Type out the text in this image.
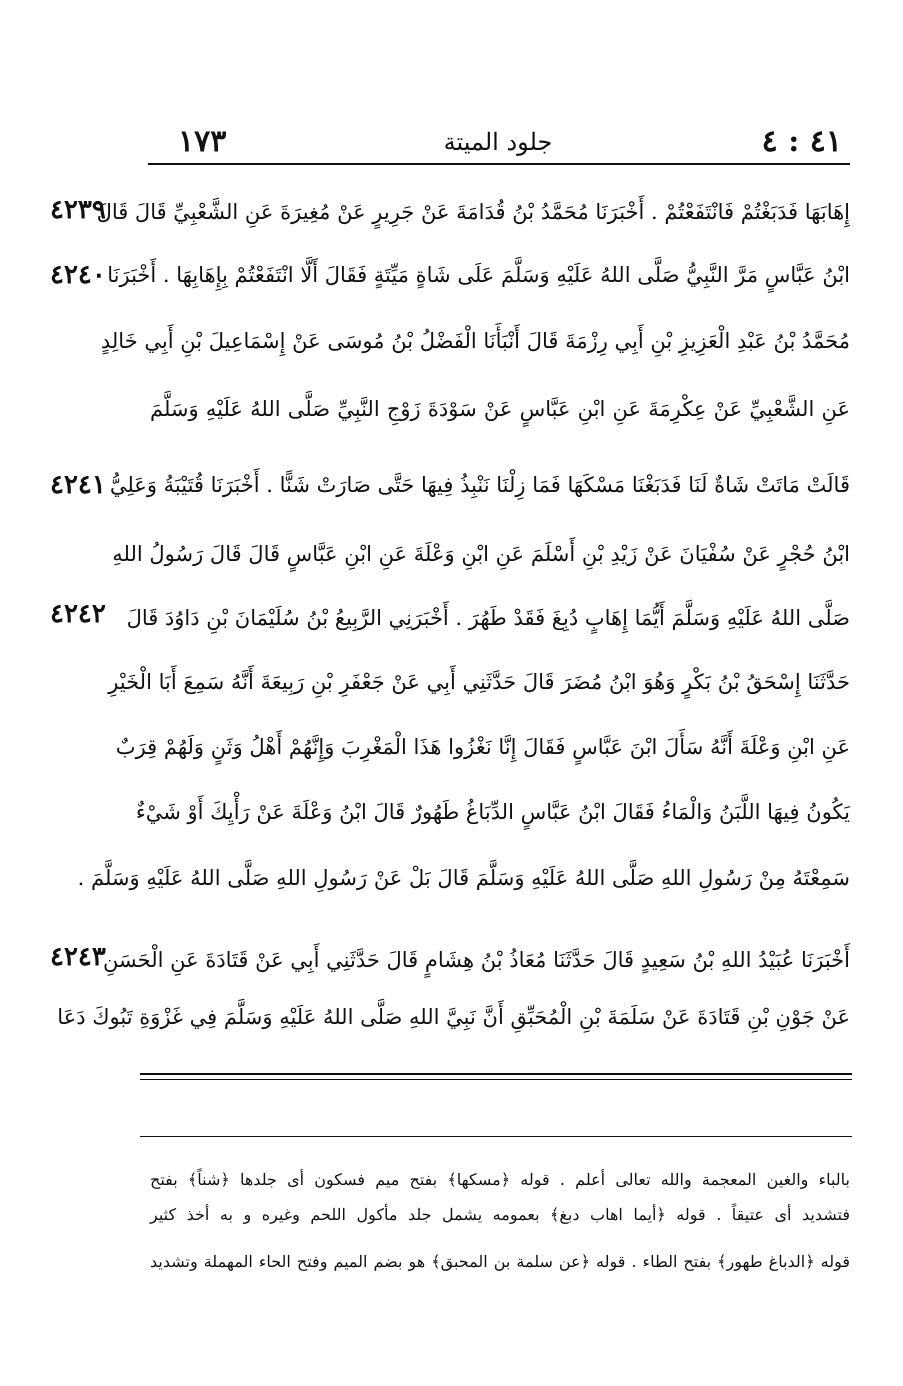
١٧٣	جلود الميتة	٤١ : ٤
إِهَابَهَا فَدَبَغْتُمْ فَانْتَفَعْتُمْ . أَخْبَرَنَا مُحَمَّدُ بْنُ قُدَامَةَ عَنْ جَرِيرٍ عَنْ مُغِيرَةَ عَنِ الشَّعْبِيِّ قَالَ قَالَ
ابْنُ عَبَّاسٍ مَرَّ النَّبِيُّ صَلَّى اللهُ عَلَيْهِ وَسَلَّمَ عَلَى شَاةٍ مَيِّتَةٍ فَقَالَ أَلَّا انْتَفَعْتُمْ بِإِهَابِهَا . أَخْبَرَنَا
مُحَمَّدُ بْنُ عَبْدِ الْعَزِيزِ بْنِ أَبِي رِزْمَةَ قَالَ أَنْبَأَنَا الْفَضْلُ بْنُ مُوسَى عَنْ إِسْمَاعِيلَ بْنِ أَبِي خَالِدٍ
عَنِ الشَّعْبِيِّ عَنْ عِكْرِمَةَ عَنِ ابْنِ عَبَّاسٍ عَنْ سَوْدَةَ زَوْجِ النَّبِيِّ صَلَّى اللهُ عَلَيْهِ وَسَلَّمَ
قَالَتْ مَاتَتْ شَاةٌ لَنَا فَدَبَغْنَا مَسْكَهَا فَمَا زِلْنَا نَنْبِذُ فِيهَا حَتَّى صَارَتْ شَنًّا . أَخْبَرَنَا قُتَيْبَةُ وَعَلِيُّ
ابْنُ حُجْرٍ عَنْ سُفْيَانَ عَنْ زَيْدِ بْنِ أَسْلَمَ عَنِ ابْنِ وَعْلَةَ عَنِ ابْنِ عَبَّاسٍ قَالَ قَالَ رَسُولُ اللهِ
صَلَّى اللهُ عَلَيْهِ وَسَلَّمَ أَيُّمَا إِهَابٍ دُبِغَ فَقَدْ طَهُرَ . أَخْبَرَنِي الرَّبِيعُ بْنُ سُلَيْمَانَ بْنِ دَاوُدَ قَالَ
حَدَّثَنَا إِسْحَقُ بْنُ بَكْرٍ وَهُوَ ابْنُ مُضَرَ قَالَ حَدَّثَنِي أَبِي عَنْ جَعْفَرِ بْنِ رَبِيعَةَ أَنَّهُ سَمِعَ أَبَا الْخَيْرِ
عَنِ ابْنِ وَعْلَةَ أَنَّهُ سَأَلَ ابْنَ عَبَّاسٍ فَقَالَ إِنَّا نَغْزُوا هَذَا الْمَغْرِبَ وَإِنَّهُمْ أَهْلُ وَثَنٍ وَلَهُمْ قِرَبٌ
يَكُونُ فِيهَا اللَّبَنُ وَالْمَاءُ فَقَالَ ابْنُ عَبَّاسٍ الدِّبَاغُ طَهُورٌ قَالَ ابْنُ وَعْلَةَ عَنْ رَأْيِكَ أَوْ شَيْءٌ
سَمِعْتَهُ مِنْ رَسُولِ اللهِ صَلَّى اللهُ عَلَيْهِ وَسَلَّمَ قَالَ بَلْ عَنْ رَسُولِ اللهِ صَلَّى اللهُ عَلَيْهِ وَسَلَّمَ .
أَخْبَرَنَا عُبَيْدُ اللهِ بْنُ سَعِيدٍ قَالَ حَدَّثَنَا مُعَاذُ بْنُ هِشَامٍ قَالَ حَدَّثَنِي أَبِي عَنْ قَتَادَةَ عَنِ الْحَسَنِ
عَنْ جَوْنِ بْنِ قَتَادَةَ عَنْ سَلَمَةَ بْنِ الْمُحَبِّقِ أَنَّ نَبِيَّ اللهِ صَلَّى اللهُ عَلَيْهِ وَسَلَّمَ فِي غَزْوَةِ تَبُوكَ دَعَا
٤٢٣٩
٤٢٤٠
٤٢٤١
٤٢٤٢
٤٢٤٣
بالباء والغين المعجمة والله تعالى أعلم . قوله ﴿مسكها﴾ بفتح ميم فسكون أى جلدها ﴿شناً﴾ بفتح
فتشديد أى عتيقاً . قوله ﴿أيما اهاب دبغ﴾ بعمومه يشمل جلد مأكول اللحم وغيره و به أخذ كثير
قوله ﴿الدباغ طهور﴾ بفتح الطاء . قوله ﴿عن سلمة بن المحبق﴾ هو بضم الميم وفتح الحاء المهملة وتشديد
